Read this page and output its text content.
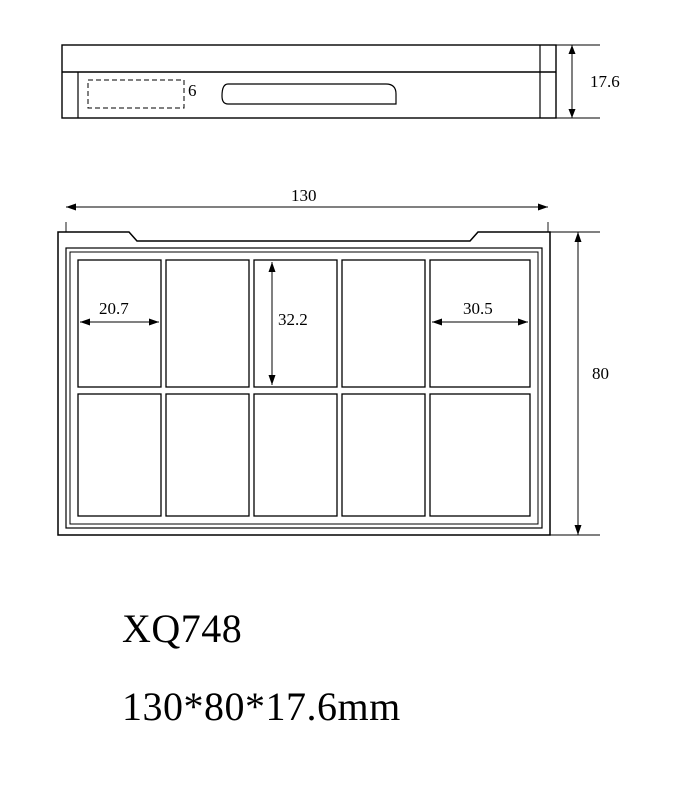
17.6
6
130
20.7
32.2
30.5
80
XQ748
130*80*17.6mm
